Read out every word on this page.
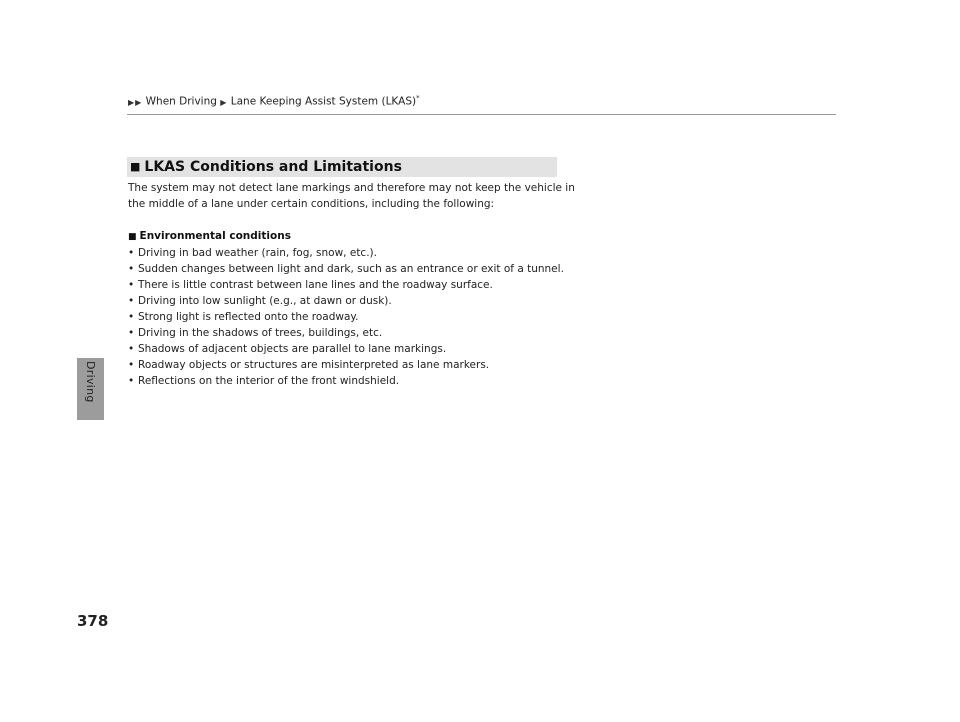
▶▶ When Driving ▶ Lane Keeping Assist System (LKAS)*
Driving
■ LKAS Conditions and Limitations

The system may not detect lane markings and therefore may not keep the vehicle in

the middle of a lane under certain conditions, including the following:

■ Environmental conditions
• Driving in bad weather (rain, fog, snow, etc.).
• Sudden changes between light and dark, such as an entrance or exit of a tunnel.
• There is little contrast between lane lines and the roadway surface.
• Driving into low sunlight (e.g., at dawn or dusk).
• Strong light is reflected onto the roadway.
• Driving in the shadows of trees, buildings, etc.
• Shadows of adjacent objects are parallel to lane markings.
• Roadway objects or structures are misinterpreted as lane markers.
• Reflections on the interior of the front windshield.
378
